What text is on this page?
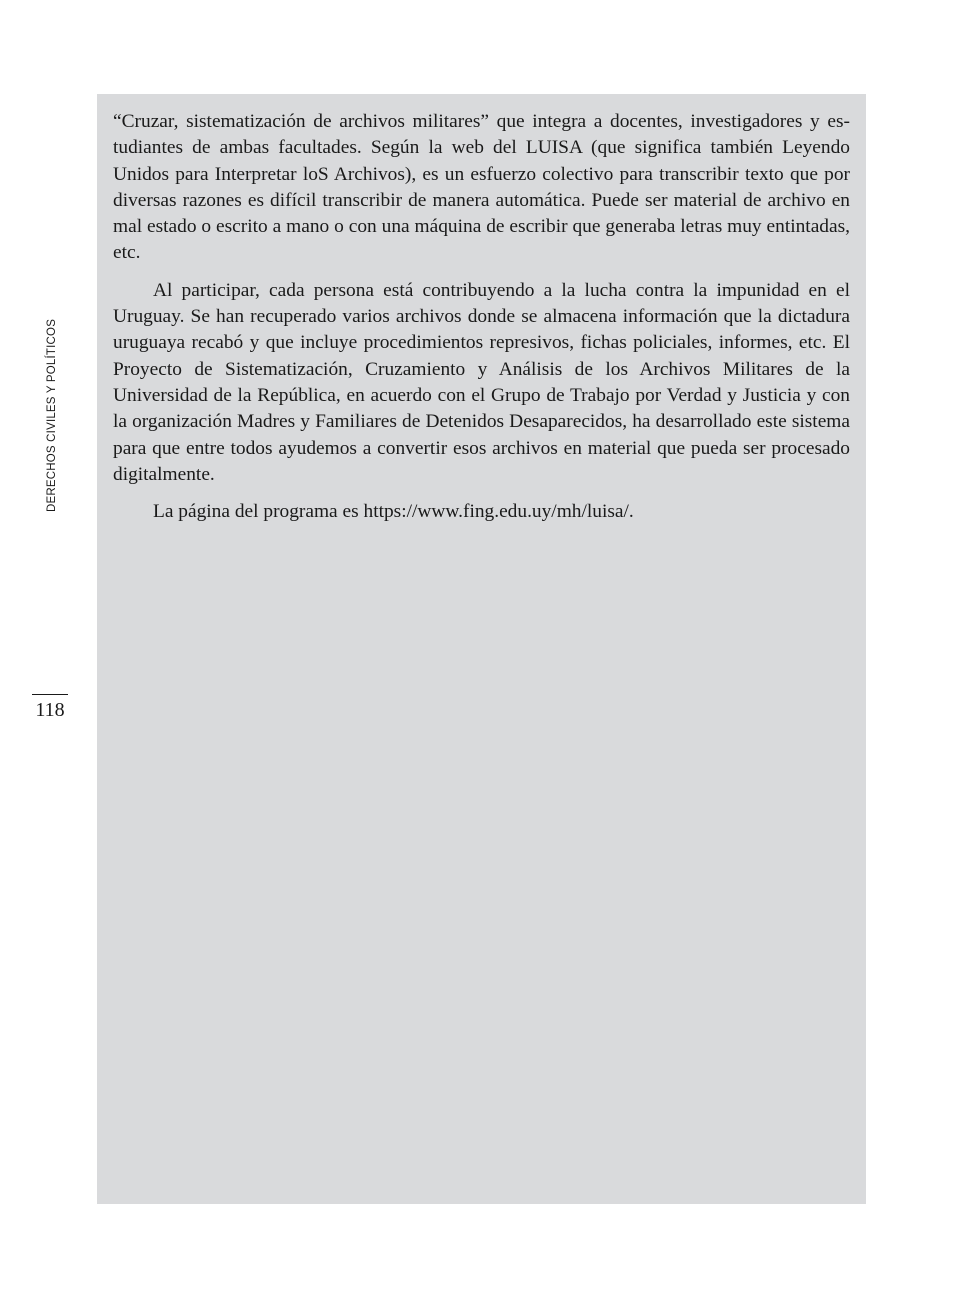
DERECHOS CIVILES Y POLÍTICOS
118

“Cruzar, sistematización de archivos militares” que integra a docentes, investigadores y estudiantes de ambas facultades. Según la web del LUISA (que significa también Leyendo Unidos para Interpretar loS Archivos), es un esfuerzo colectivo para transcribir texto que por diversas razones es difícil transcribir de manera automática. Puede ser material de archivo en mal estado o escrito a mano o con una máquina de escribir que generaba letras muy entintadas, etc.

Al participar, cada persona está contribuyendo a la lucha contra la impunidad en el Uruguay. Se han recuperado varios archivos donde se almacena información que la dictadura uruguaya recabó y que incluye procedimientos represivos, fichas policiales, informes, etc. El Proyecto de Sistematización, Cruzamiento y Análisis de los Archivos Militares de la Universidad de la República, en acuerdo con el Grupo de Trabajo por Verdad y Justicia y con la organización Madres y Familiares de Detenidos Desaparecidos, ha desarrollado este sistema para que entre todos ayudemos a convertir esos archivos en material que pueda ser procesado digitalmente.

La página del programa es https://www.fing.edu.uy/mh/luisa/.
